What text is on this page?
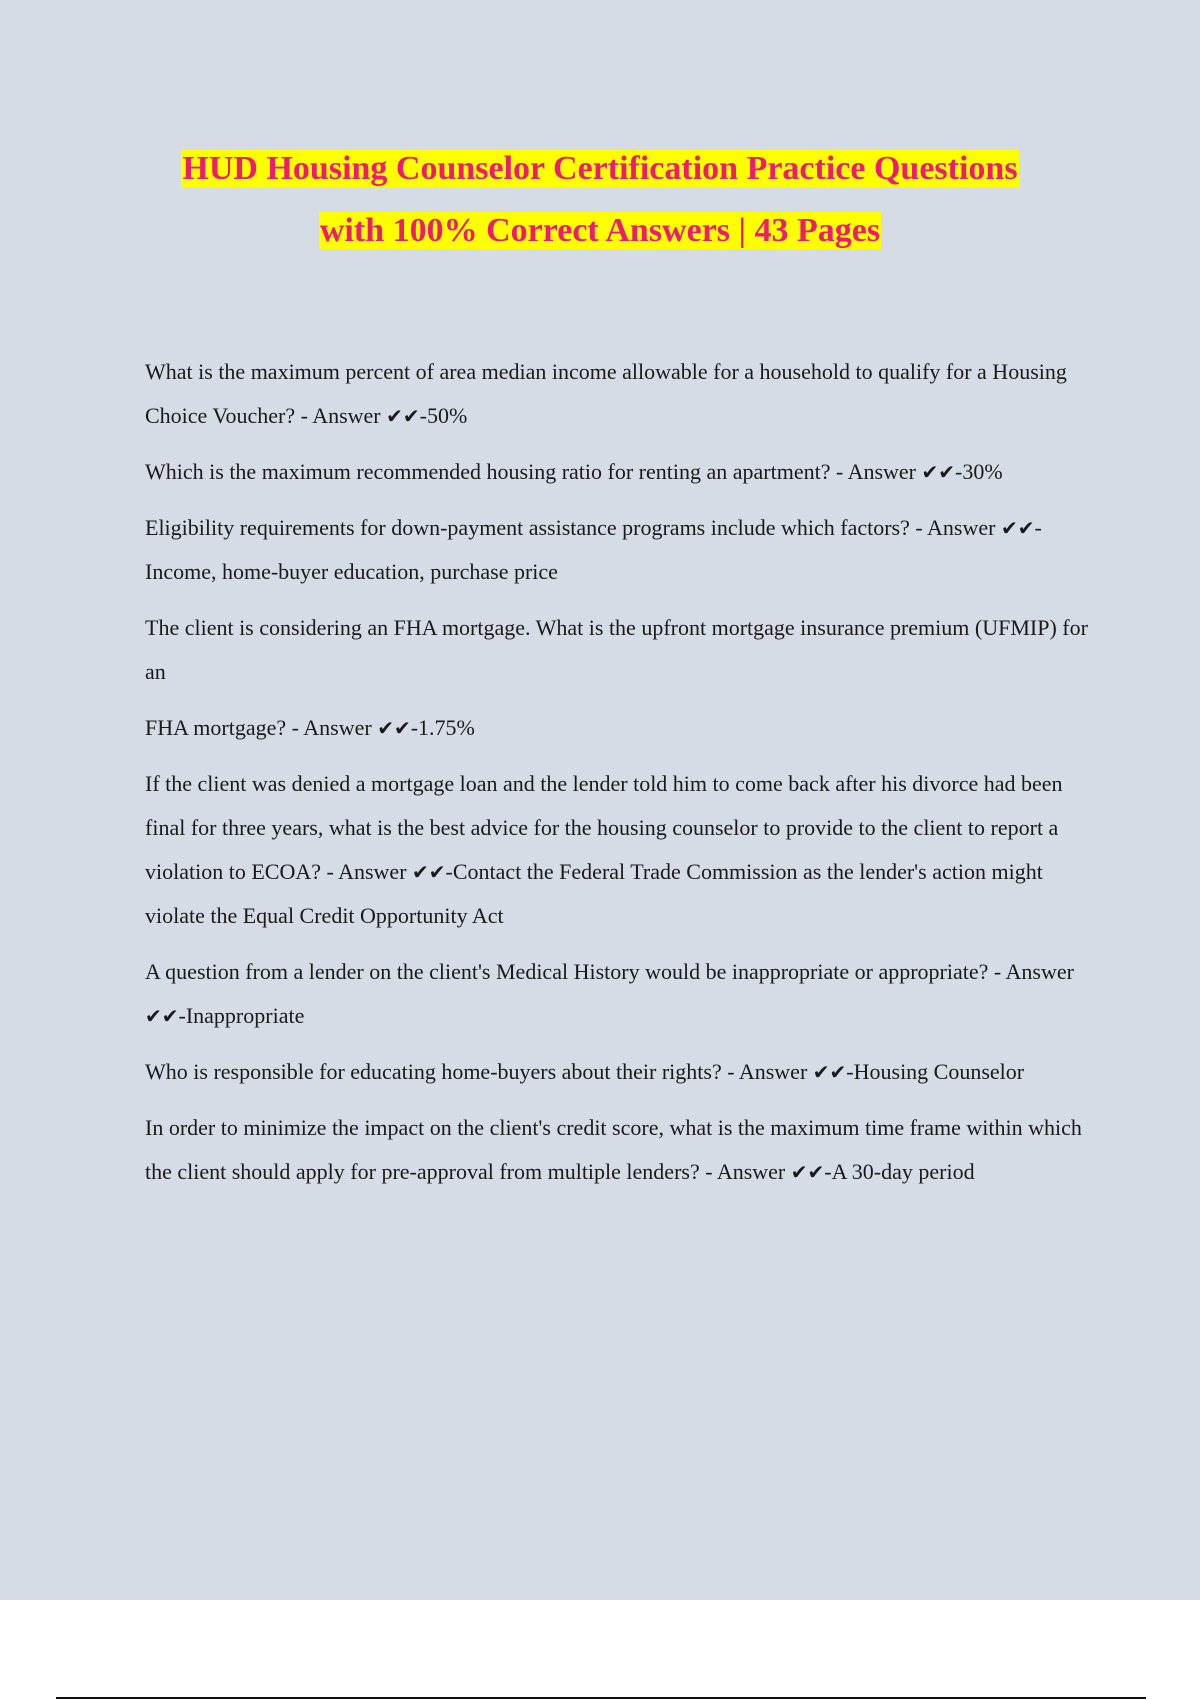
HUD Housing Counselor Certification Practice Questions
with 100% Correct Answers | 43 Pages

What is the maximum percent of area median income allowable for a household to qualify for a Housing Choice Voucher? - Answer ✔✔-50%

Which is the maximum recommended housing ratio for renting an apartment? - Answer ✔✔-30%

Eligibility requirements for down-payment assistance programs include which factors? - Answer ✔✔-Income, home-buyer education, purchase price

The client is considering an FHA mortgage. What is the upfront mortgage insurance premium (UFMIP) for an

FHA mortgage? - Answer ✔✔-1.75%

If the client was denied a mortgage loan and the lender told him to come back after his divorce had been final for three years, what is the best advice for the housing counselor to provide to the client to report a violation to ECOA? - Answer ✔✔-Contact the Federal Trade Commission as the lender's action might violate the Equal Credit Opportunity Act

A question from a lender on the client's Medical History would be inappropriate or appropriate? - Answer ✔✔-Inappropriate

Who is responsible for educating home-buyers about their rights? - Answer ✔✔-Housing Counselor

In order to minimize the impact on the client's credit score, what is the maximum time frame within which the client should apply for pre-approval from multiple lenders? - Answer ✔✔-A 30-day period
